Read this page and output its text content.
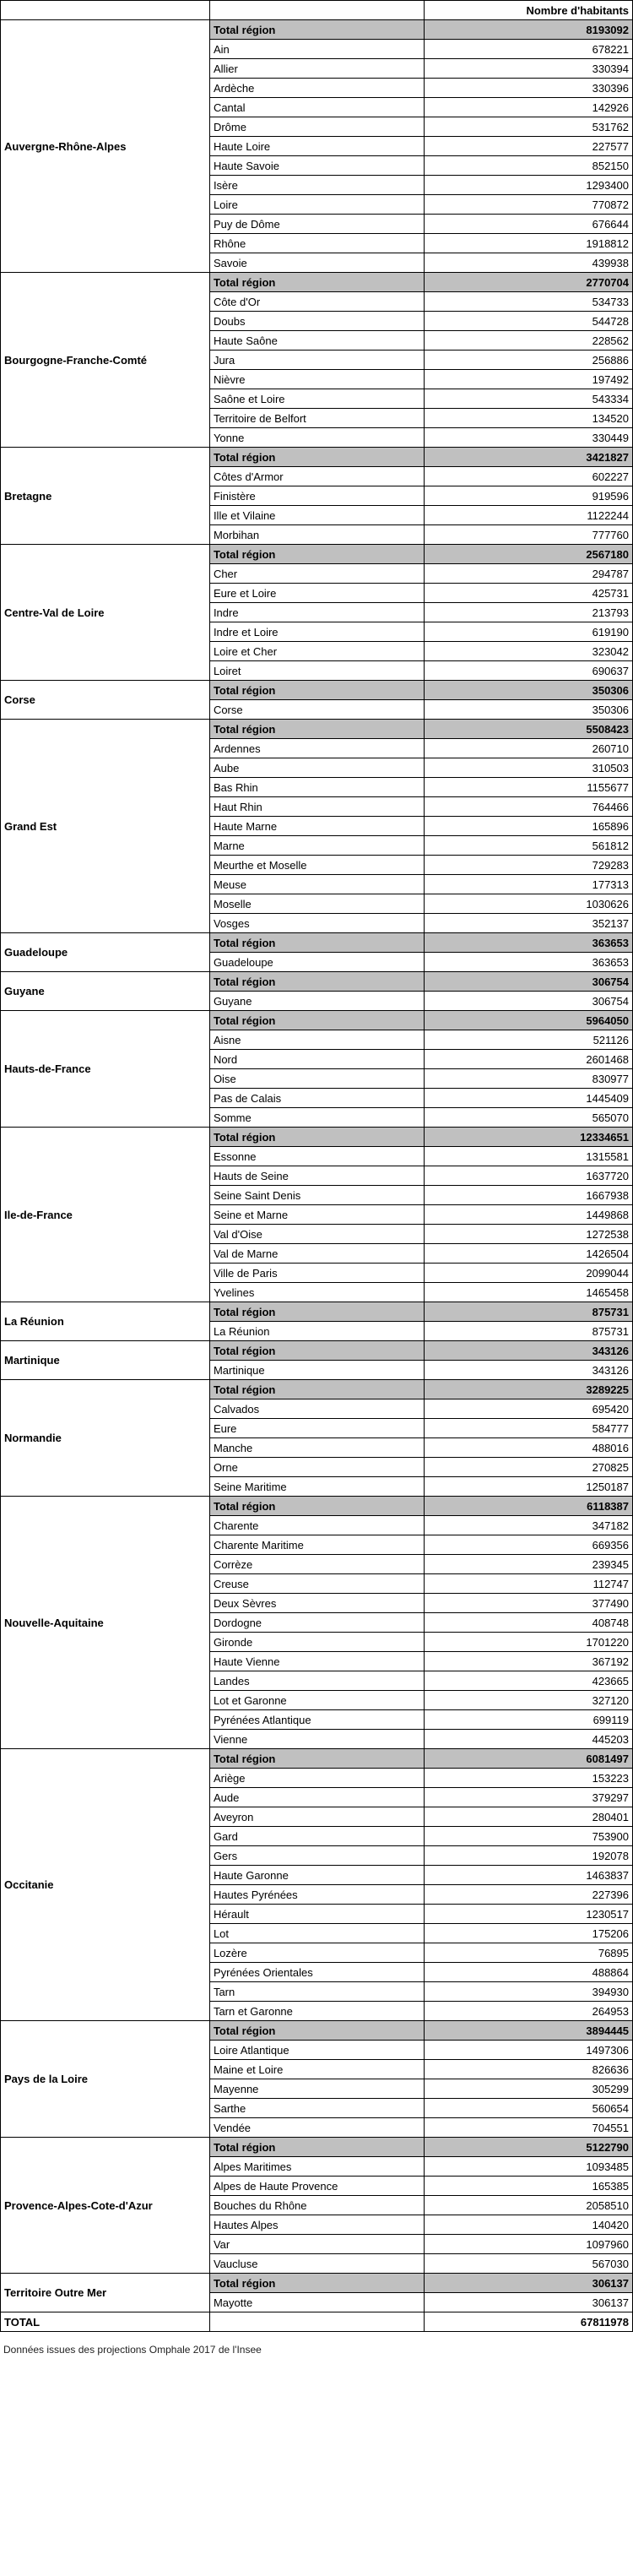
		Nombre d'habitants
Auvergne-Rhône-Alpes	Total région	8193092
	Ain	678221
	Allier	330394
	Ardèche	330396
	Cantal	142926
	Drôme	531762
	Haute Loire	227577
	Haute Savoie	852150
	Isère	1293400
	Loire	770872
	Puy de Dôme	676644
	Rhône	1918812
	Savoie	439938
Bourgogne-Franche-Comté	Total région	2770704
	Côte d'Or	534733
	Doubs	544728
	Haute Saône	228562
	Jura	256886
	Nièvre	197492
	Saône et Loire	543334
	Territoire de Belfort	134520
	Yonne	330449
Bretagne	Total région	3421827
	Côtes d'Armor	602227
	Finistère	919596
	Ille et Vilaine	1122244
	Morbihan	777760
Centre-Val de Loire	Total région	2567180
	Cher	294787
	Eure et Loire	425731
	Indre	213793
	Indre et Loire	619190
	Loire et Cher	323042
	Loiret	690637
Corse	Total région	350306
	Corse	350306
Grand Est	Total région	5508423
	Ardennes	260710
	Aube	310503
	Bas Rhin	1155677
	Haut Rhin	764466
	Haute Marne	165896
	Marne	561812
	Meurthe et Moselle	729283
	Meuse	177313
	Moselle	1030626
	Vosges	352137
Guadeloupe	Total région	363653
	Guadeloupe	363653
Guyane	Total région	306754
	Guyane	306754
Hauts-de-France	Total région	5964050
	Aisne	521126
	Nord	2601468
	Oise	830977
	Pas de Calais	1445409
	Somme	565070
Ile-de-France	Total région	12334651
	Essonne	1315581
	Hauts de Seine	1637720
	Seine Saint Denis	1667938
	Seine et Marne	1449868
	Val d'Oise	1272538
	Val de Marne	1426504
	Ville de Paris	2099044
	Yvelines	1465458
La Réunion	Total région	875731
	La Réunion	875731
Martinique	Total région	343126
	Martinique	343126
Normandie	Total région	3289225
	Calvados	695420
	Eure	584777
	Manche	488016
	Orne	270825
	Seine Maritime	1250187
Nouvelle-Aquitaine	Total région	6118387
	Charente	347182
	Charente Maritime	669356
	Corrèze	239345
	Creuse	112747
	Deux Sèvres	377490
	Dordogne	408748
	Gironde	1701220
	Haute Vienne	367192
	Landes	423665
	Lot et Garonne	327120
	Pyrénées Atlantique	699119
	Vienne	445203
Occitanie	Total région	6081497
	Ariège	153223
	Aude	379297
	Aveyron	280401
	Gard	753900
	Gers	192078
	Haute Garonne	1463837
	Hautes Pyrénées	227396
	Hérault	1230517
	Lot	175206
	Lozère	76895
	Pyrénées Orientales	488864
	Tarn	394930
	Tarn et Garonne	264953
Pays de la Loire	Total région	3894445
	Loire Atlantique	1497306
	Maine et Loire	826636
	Mayenne	305299
	Sarthe	560654
	Vendée	704551
Provence-Alpes-Cote-d'Azur	Total région	5122790
	Alpes Maritimes	1093485
	Alpes de Haute Provence	165385
	Bouches du Rhône	2058510
	Hautes Alpes	140420
	Var	1097960
	Vaucluse	567030
Territoire Outre Mer	Total région	306137
	Mayotte	306137
TOTAL		67811978
Données issues des projections Omphale 2017 de l'Insee
